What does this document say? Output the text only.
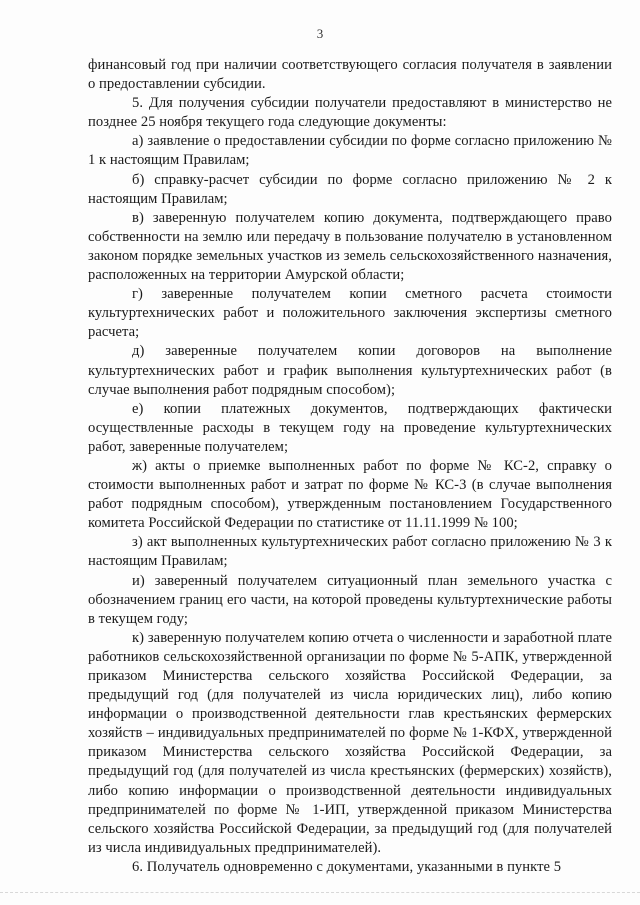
3

финансовый год при наличии соответствующего согласия получателя в заявлении о предоставлении субсидии.

5. Для получения субсидии получатели предоставляют в министерство не позднее 25 ноября текущего года следующие документы:

а) заявление о предоставлении субсидии по форме согласно приложению № 1 к настоящим Правилам;

б) справку-расчет субсидии по форме согласно приложению № 2 к настоящим Правилам;

в) заверенную получателем копию документа, подтверждающего право собственности на землю или передачу в пользование получателю в установленном законом порядке земельных участков из земель сельскохозяйственного назначения, расположенных на территории Амурской области;

г) заверенные получателем копии сметного расчета стоимости культуртехнических работ и положительного заключения экспертизы сметного расчета;

д) заверенные получателем копии договоров на выполнение культуртехнических работ и график выполнения культуртехнических работ (в случае выполнения работ подрядным способом);

е) копии платежных документов, подтверждающих фактически осуществленные расходы в текущем году на проведение культуртехнических работ, заверенные получателем;

ж) акты о приемке выполненных работ по форме № КС-2, справку о стоимости выполненных работ и затрат по форме № КС-3 (в случае выполнения работ подрядным способом), утвержденным постановлением Государственного комитета Российской Федерации по статистике от 11.11.1999 № 100;

з) акт выполненных культуртехнических работ согласно приложению № 3 к настоящим Правилам;

и) заверенный получателем ситуационный план земельного участка с обозначением границ его части, на которой проведены культуртехнические работы в текущем году;

к) заверенную получателем копию отчета о численности и заработной плате работников сельскохозяйственной организации по форме № 5-АПК, утвержденной приказом Министерства сельского хозяйства Российской Федерации, за предыдущий год (для получателей из числа юридических лиц), либо копию информации о производственной деятельности глав крестьянских фермерских хозяйств – индивидуальных предпринимателей по форме № 1-КФХ, утвержденной приказом Министерства сельского хозяйства Российской Федерации, за предыдущий год (для получателей из числа крестьянских (фермерских) хозяйств), либо копию информации о производственной деятельности индивидуальных предпринимателей по форме № 1-ИП, утвержденной приказом Министерства сельского хозяйства Российской Федерации, за предыдущий год (для получателей из числа индивидуальных предпринимателей).

6. Получатель одновременно с документами, указанными в пункте 5
